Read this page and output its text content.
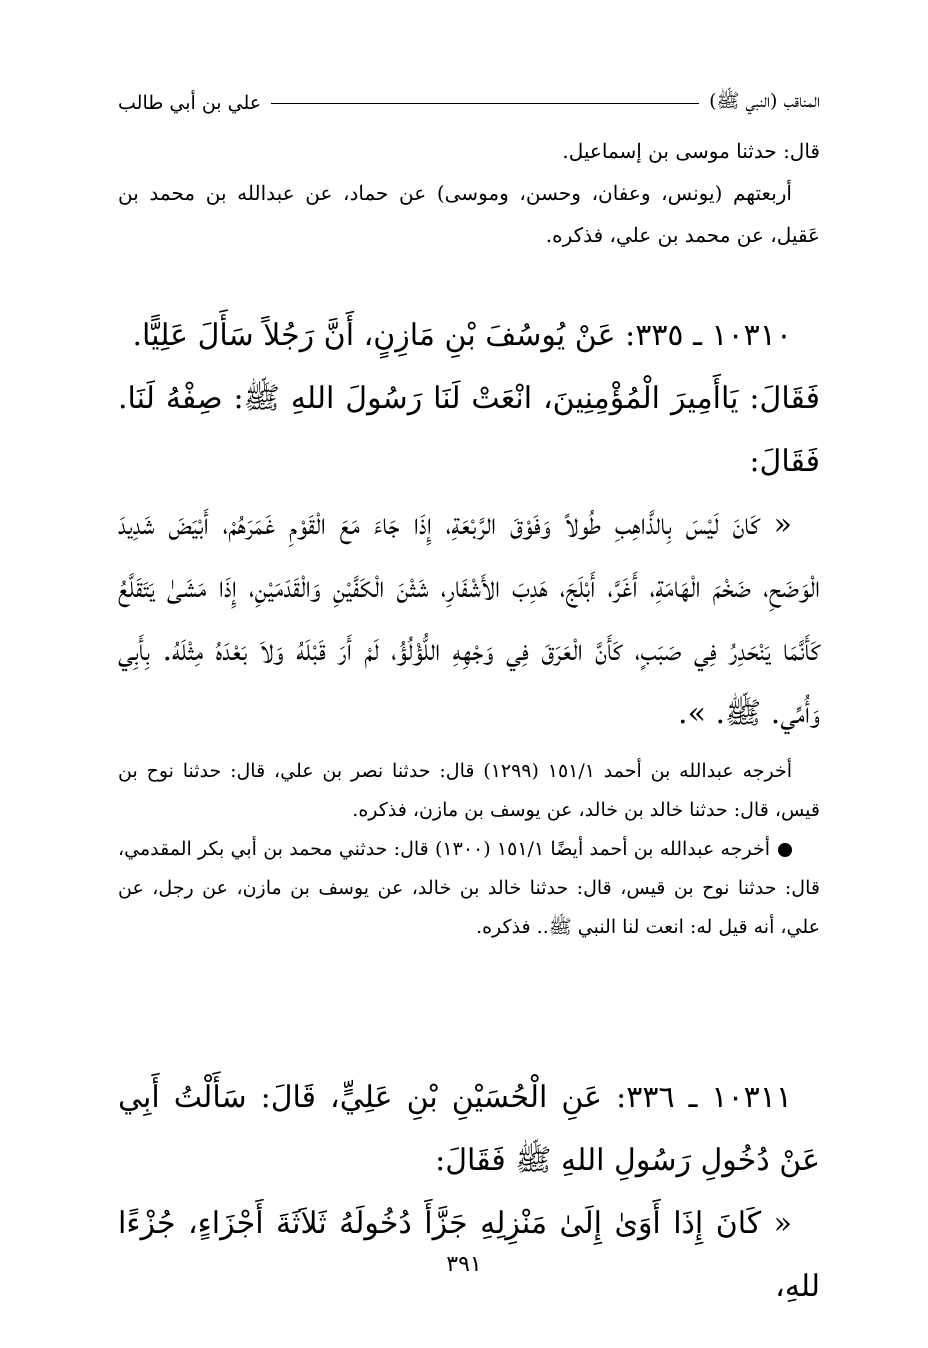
المناقب (النبي ﷺ)
علي بن أبي طالب

قال: حدثنا موسى بن إسماعيل.

أربعتهم (يونس، وعفان، وحسن، وموسى) عن حماد، عن عبدالله بن محمد بن عَقيل، عن محمد بن علي، فذكره.

١٠٣١٠ ـ ٣٣٥: عَنْ يُوسُفَ بْنِ مَازِنٍ، أَنَّ رَجُلاً سَأَلَ عَلِيًّا.

فَقَالَ: يَاأَمِيرَ الْمُؤْمِنِينَ، انْعَتْ لَنَا رَسُولَ اللهِ ﷺ: صِفْهُ لَنَا. فَقَالَ:

« كَانَ لَيْسَ بِالذَّاهِبِ طُولاً وَفَوْقَ الرَّبْعَةِ، إِذَا جَاءَ مَعَ الْقَوْمِ غَمَرَهُمْ، أَبْيَضَ شَدِيدَ الْوَضَحِ، ضَخْمَ الْهَامَةِ، أَغَرَّ، أَبْلَجَ، هَدِبَ الأَشْفَارِ، شَثْنَ الْكَفَّيْنِ وَالْقَدَمَيْنِ، إِذَا مَشَىٰ يَتَقَلَّعُ كَأَنَّمَا يَنْحَدِرُ فِي صَبَبٍ، كَأَنَّ الْعَرَقَ فِي وَجْهِهِ اللُّؤْلُؤُ، لَمْ أَرَ قَبْلَهُ وَلاَ بَعْدَهُ مِثْلَهُ. بِأَبِي وَأُمِّي. ﷺ. ».

أخرجه عبدالله بن أحمد ١٥١/١ (١٢٩٩) قال: حدثنا نصر بن علي، قال: حدثنا نوح بن قيس، قال: حدثنا خالد بن خالد، عن يوسف بن مازن، فذكره.

أخرجه عبدالله بن أحمد أيضًا ١٥١/١ (١٣٠٠) قال: حدثني محمد بن أبي بكر المقدمي، قال: حدثنا نوح بن قيس، قال: حدثنا خالد بن خالد، عن يوسف بن مازن، عن رجل، عن علي، أنه قيل له: انعت لنا النبي ﷺ.. فذكره.

١٠٣١١ ـ ٣٣٦: عَنِ الْحُسَيْنِ بْنِ عَلِيٍّ، قَالَ: سَأَلْتُ أَبِي عَنْ دُخُولِ رَسُولِ اللهِ ﷺ فَقَالَ:

« كَانَ إِذَا أَوَىٰ إِلَىٰ مَنْزِلِهِ جَزَّأَ دُخُولَهُ ثَلاَثَةَ أَجْزَاءٍ، جُزْءًا للهِ،

٣٩١
